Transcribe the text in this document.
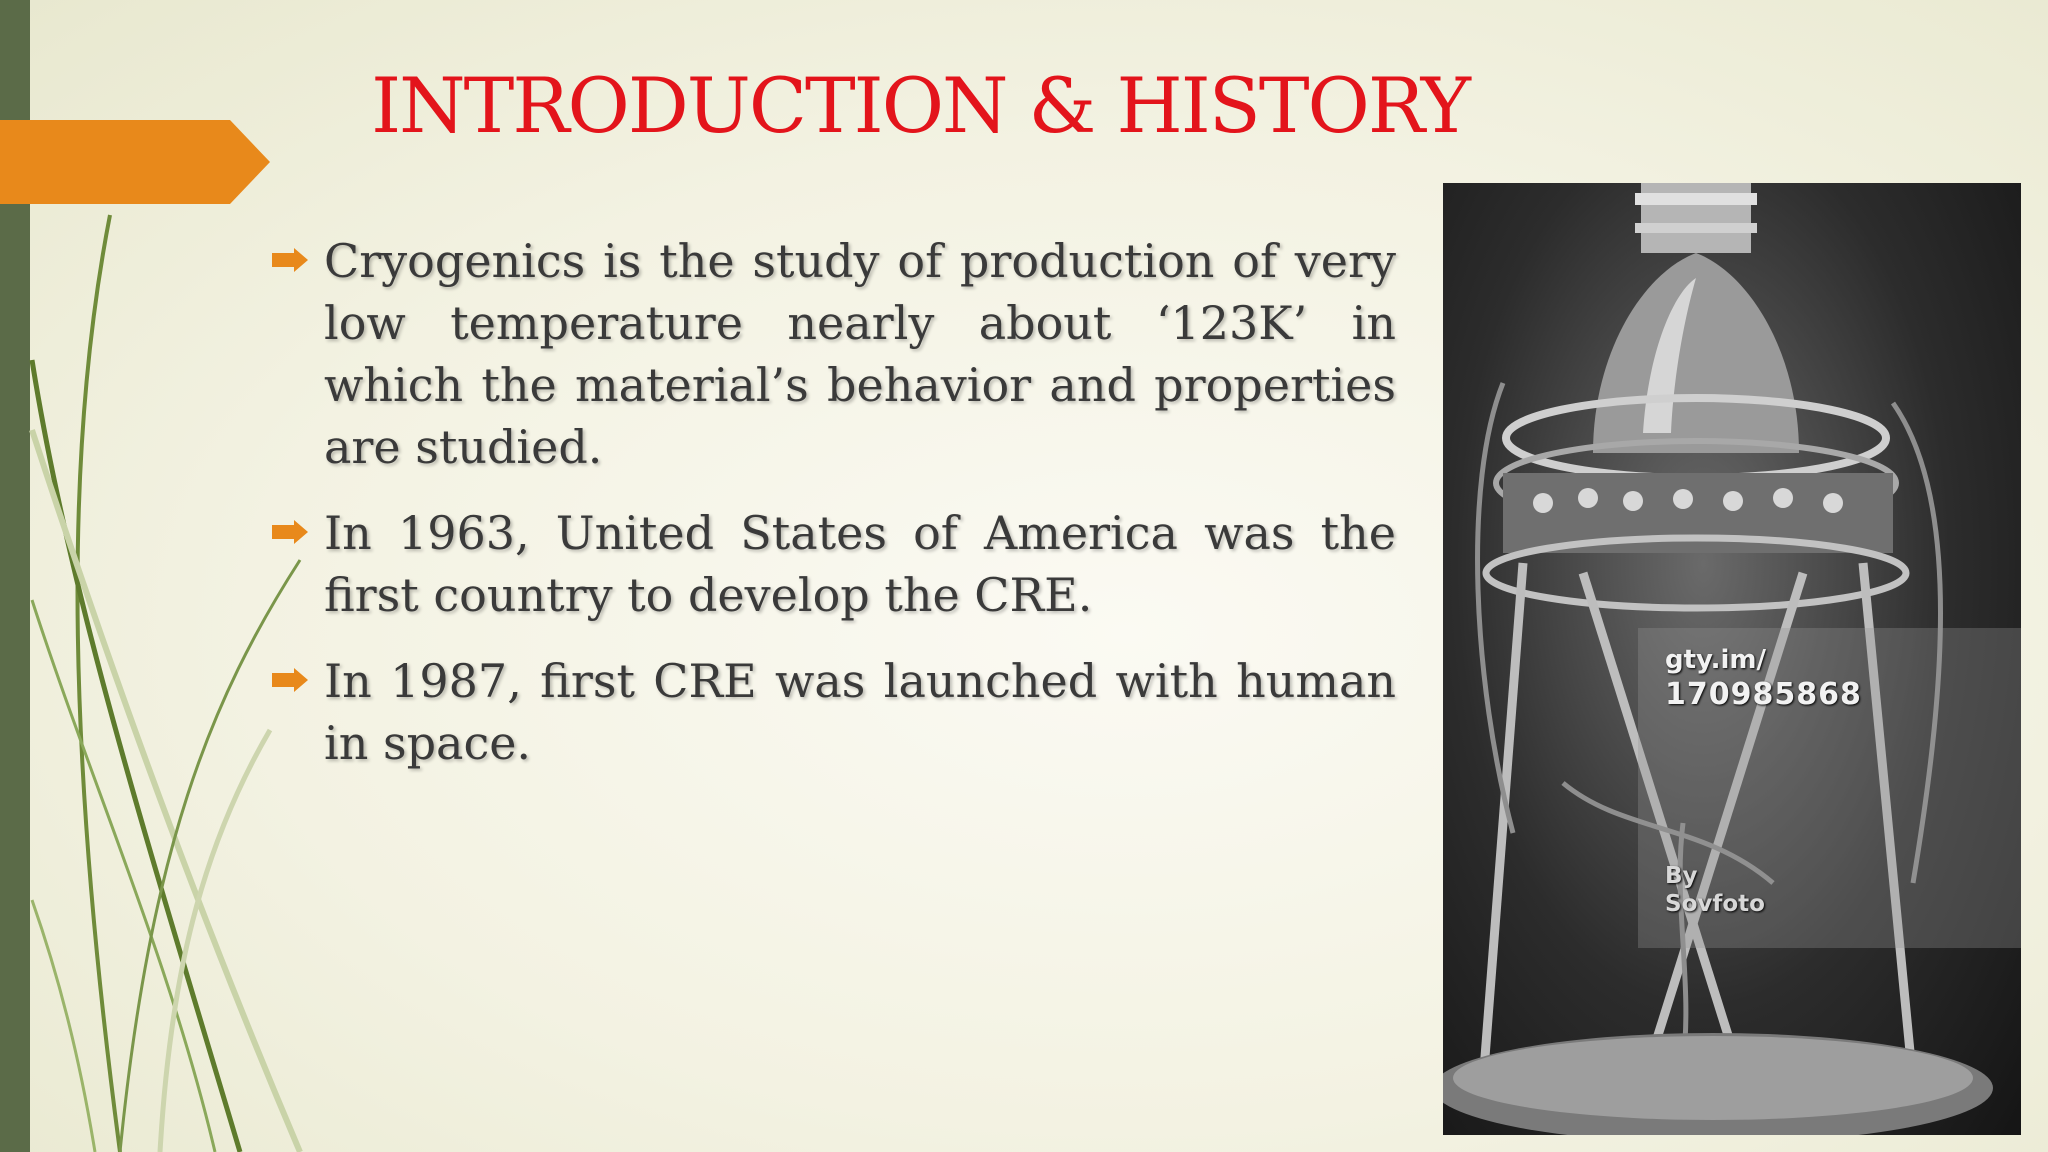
INTRODUCTION & HISTORY
Cryogenics is the study of production of very low temperature nearly about ‘123K’ in which the material’s behavior and properties are studied.
In 1963, United States of America was the first country to develop the CRE.
In 1987, first CRE was launched with human in space.
gty.im/
170985868
By
Sovfoto
